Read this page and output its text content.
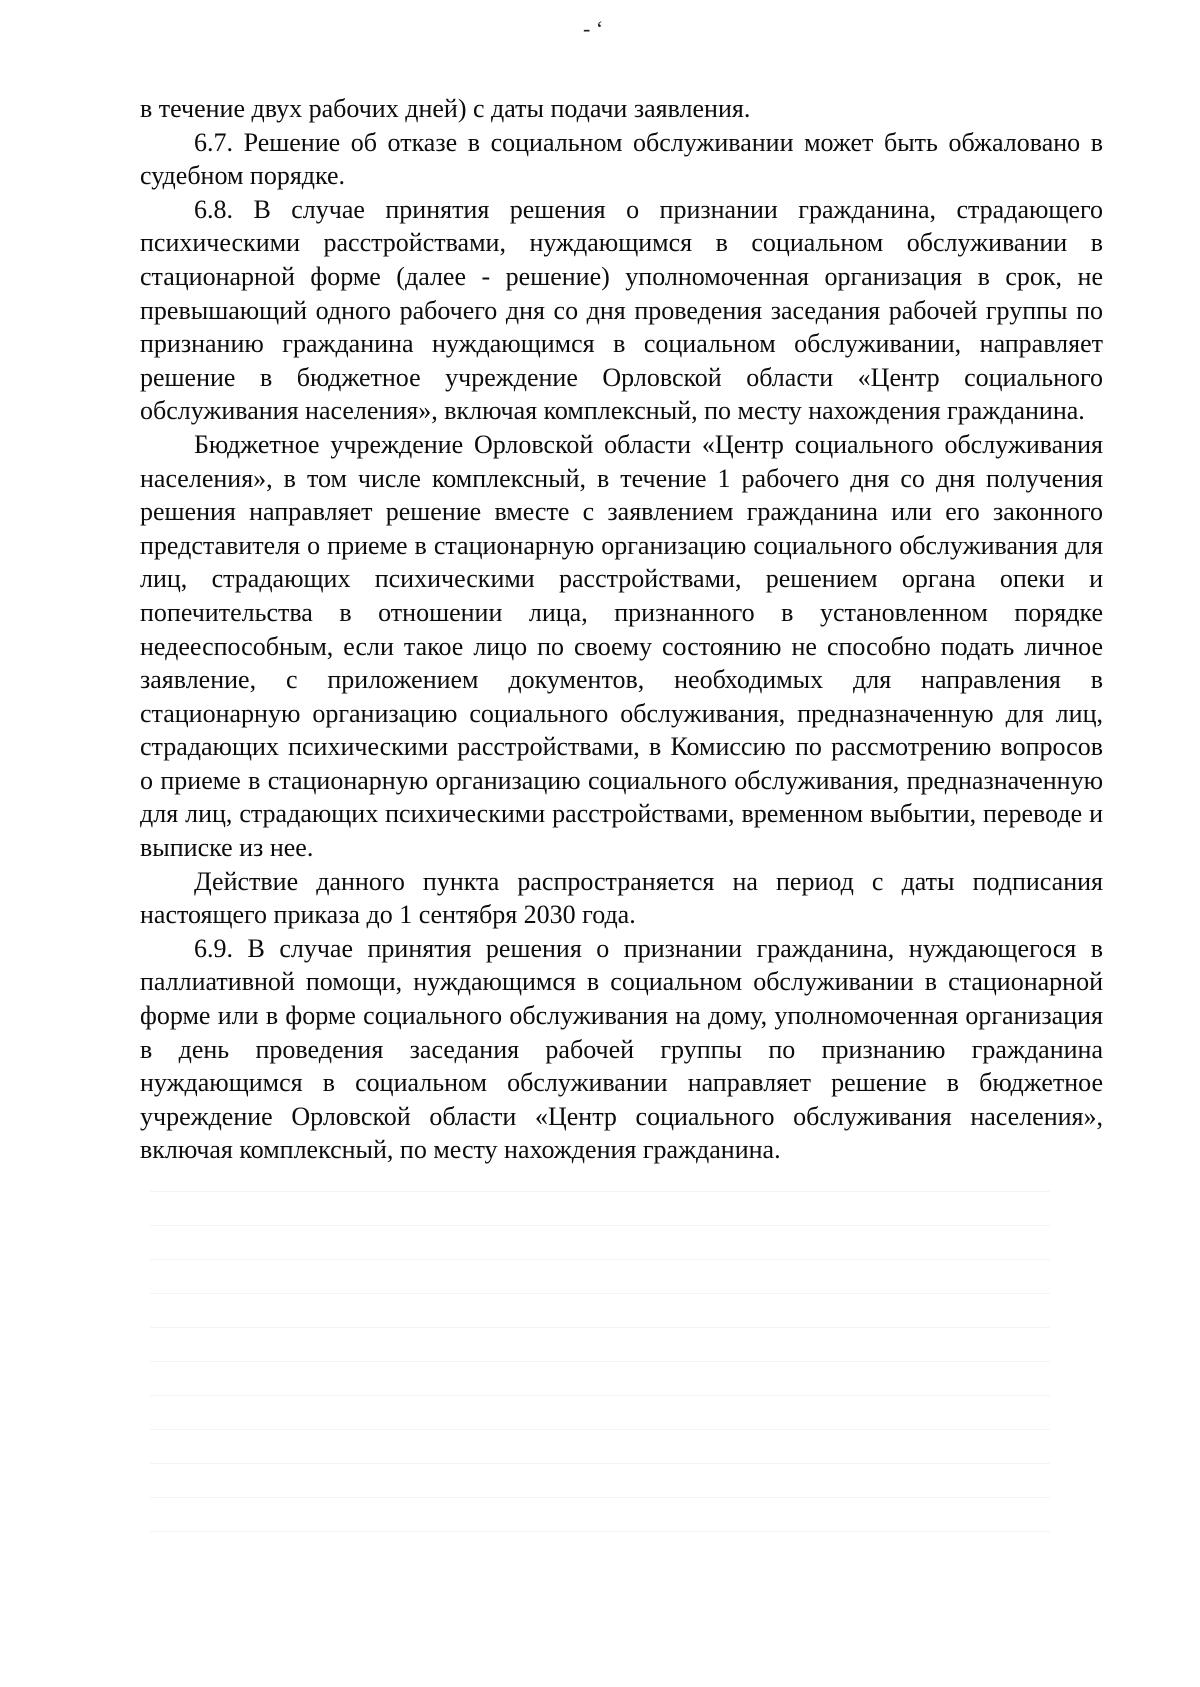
- ʻ

в течение двух рабочих дней) с даты подачи заявления.

6.7. Решение об отказе в социальном обслуживании может быть обжаловано в судебном порядке.

6.8. В случае принятия решения о признании гражданина, страдающего психическими расстройствами, нуждающимся в социальном обслуживании в стационарной форме (далее - решение) уполномоченная организация в срок, не превышающий одного рабочего дня со дня проведения заседания рабочей группы по признанию гражданина нуждающимся в социальном обслуживании, направляет решение в бюджетное учреждение Орловской области «Центр социального обслуживания населения», включая комплексный, по месту нахождения гражданина.

Бюджетное учреждение Орловской области «Центр социального обслуживания населения», в том числе комплексный, в течение 1 рабочего дня со дня получения решения направляет решение вместе с заявлением гражданина или его законного представителя о приеме в стационарную организацию социального обслуживания для лиц, страдающих психическими расстройствами, решением органа опеки и попечительства в отношении лица, признанного в установленном порядке недееспособным, если такое лицо по своему состоянию не способно подать личное заявление, с приложением документов, необходимых для направления в стационарную организацию социального обслуживания, предназначенную для лиц, страдающих психическими расстройствами, в Комиссию по рассмотрению вопросов о приеме в стационарную организацию социального обслуживания, предназначенную для лиц, страдающих психическими расстройствами, временном выбытии, переводе и выписке из нее.

Действие данного пункта распространяется на период с даты подписания настоящего приказа до 1 сентября 2030 года.

6.9. В случае принятия решения о признании гражданина, нуждающегося в паллиативной помощи, нуждающимся в социальном обслуживании в стационарной форме или в форме социального обслуживания на дому, уполномоченная организация в день проведения заседания рабочей группы по признанию гражданина нуждающимся в социальном обслуживании направляет решение в бюджетное учреждение Орловской области «Центр социального обслуживания населения», включая комплексный, по месту нахождения гражданина.
